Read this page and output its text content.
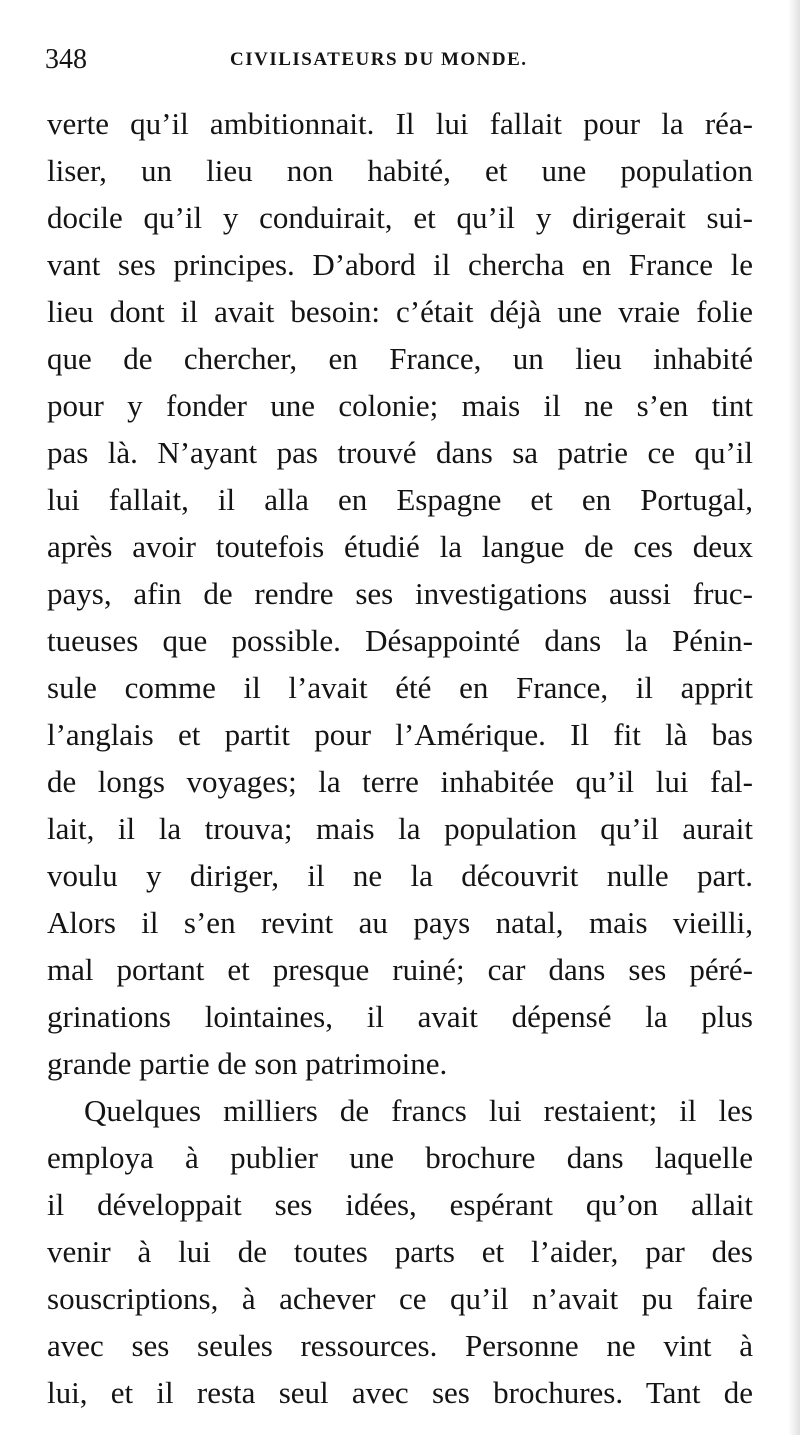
348	CIVILISATEURS DU MONDE.
verte qu’il ambitionnait. Il lui fallait pour la réa-
liser, un lieu non habité, et une population
docile qu’il y conduirait, et qu’il y dirigerait sui-
vant ses principes. D’abord il chercha en France le
lieu dont il avait besoin: c’était déjà une vraie folie
que de chercher, en France, un lieu inhabité
pour y fonder une colonie; mais il ne s’en tint
pas là. N’ayant pas trouvé dans sa patrie ce qu’il
lui fallait, il alla en Espagne et en Portugal,
après avoir toutefois étudié la langue de ces deux
pays, afin de rendre ses investigations aussi fruc-
tueuses que possible. Désappointé dans la Pénin-
sule comme il l’avait été en France, il apprit
l’anglais et partit pour l’Amérique. Il fit là bas
de longs voyages; la terre inhabitée qu’il lui fal-
lait, il la trouva; mais la population qu’il aurait
voulu y diriger, il ne la découvrit nulle part.
Alors il s’en revint au pays natal, mais vieilli,
mal portant et presque ruiné; car dans ses péré-
grinations lointaines, il avait dépensé la plus
grande partie de son patrimoine.
Quelques milliers de francs lui restaient; il les
employa à publier une brochure dans laquelle
il développait ses idées, espérant qu’on allait
venir à lui de toutes parts et l’aider, par des
souscriptions, à achever ce qu’il n’avait pu faire
avec ses seules ressources. Personne ne vint à
lui, et il resta seul avec ses brochures. Tant de
